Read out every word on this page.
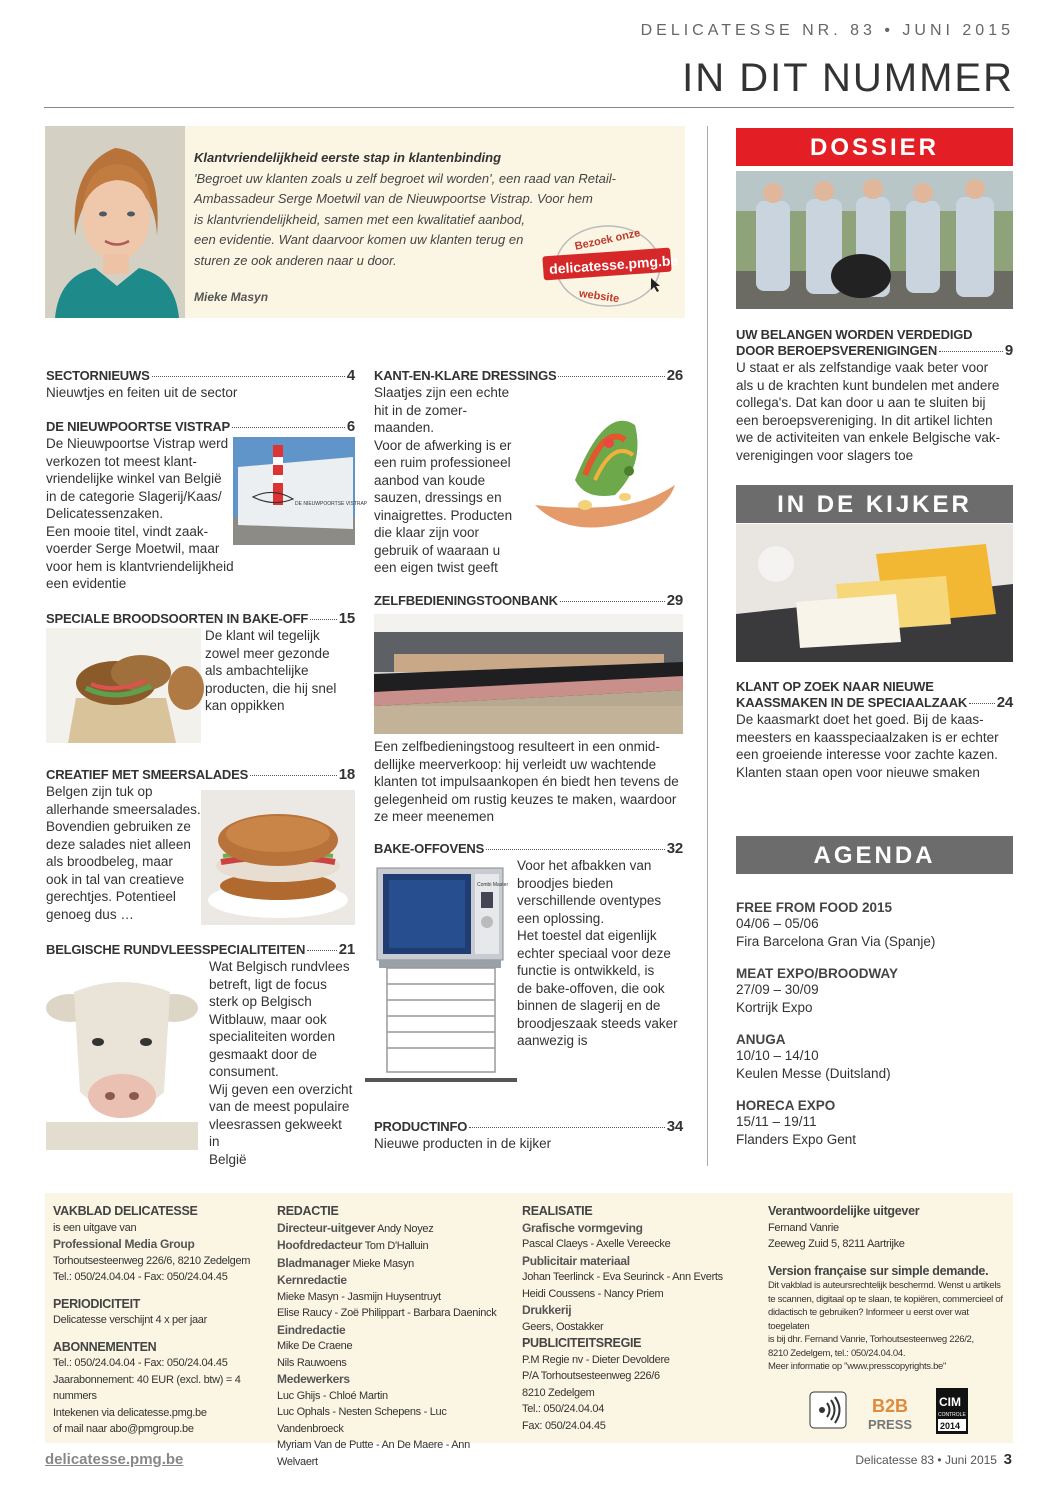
DELICATESSE NR. 83 • JUNI 2015
IN DIT NUMMER
Klantvriendelijkheid eerste stap in klantenbinding
'Begroet uw klanten zoals u zelf begroet wil worden', een raad van Retail-
Ambassadeur Serge Moetwil van de Nieuwpoortse Vistrap. Voor hem
is klantvriendelijkheid, samen met een kwalitatief aanbod,
een evidentie. Want daarvoor komen uw klanten terug en
sturen ze ook anderen naar u door.
Mieke Masyn
Bezoek onze
delicatesse.pmg.be
website
SECTORNIEUWS	4
Nieuwtjes en feiten uit de sector
DE NIEUWPOORTSE VISTRAP	6
De Nieuwpoortse Vistrap werd
verkozen tot meest klant-
vriendelijke winkel van België
in de categorie Slagerij/Kaas/
Delicatessenzaken.
Een mooie titel, vindt zaak-
voerder Serge Moetwil, maar
voor hem is klantvriendelijkheid
een evidentie
DE NIEUWPOORTSE VISTRAP
SPECIALE BROODSOORTEN IN BAKE-OFF 15
De klant wil tegelijk
zowel meer gezonde
als ambachtelijke
producten, die hij snel
kan oppikken
CREATIEF MET SMEERSALADES	18
Belgen zijn tuk op
allerhande smeersalades.
Bovendien gebruiken ze
deze salades niet alleen
als broodbeleg, maar
ook in tal van creatieve
gerechtjes. Potentieel
genoeg dus …
BELGISCHE RUNDVLEESSPECIALITEITEN 21
Wat Belgisch rundvlees
betreft, ligt de focus
sterk op Belgisch
Witblauw, maar ook
specialiteiten worden
gesmaakt door de
consument.
Wij geven een overzicht
van de meest populaire
vleesrassen gekweekt in
België
KANT-EN-KLARE DRESSINGS	26
Slaatjes zijn een echte
hit in de zomer-
maanden.
Voor de afwerking is er
een ruim professioneel
aanbod van koude
sauzen, dressings en
vinaigrettes. Producten
die klaar zijn voor
gebruik of waaraan u
een eigen twist geeft
ZELFBEDIENINGSTOONBANK	29
Een zelfbedieningstoog resulteert in een onmid-
dellijke meerverkoop: hij verleidt uw wachtende
klanten tot impulsaankopen én biedt hen tevens de
gelegenheid om rustig keuzes te maken, waardoor
ze meer meenemen
BAKE-OFFOVENS	32
Voor het afbakken van
broodjes bieden
verschillende oventypes
een oplossing.
Het toestel dat eigenlijk
echter speciaal voor deze
functie is ontwikkeld, is
de bake-offoven, die ook
binnen de slagerij en de
broodjeszaak steeds vaker
aanwezig is
Combi Master
PRODUCTINFO	34
Nieuwe producten in de kijker
DOSSIER
UW BELANGEN WORDEN VERDEDIGD
DOOR BEROEPSVERENIGINGEN	9
U staat er als zelfstandige vaak beter voor
als u de krachten kunt bundelen met andere
collega's. Dat kan door u aan te sluiten bij
een beroepsvereniging. In dit artikel lichten
we de activiteiten van enkele Belgische vak-
verenigingen voor slagers toe
IN DE KIJKER
KLANT OP ZOEK NAAR NIEUWE
KAASSMAKEN IN DE SPECIAALZAAK 24
De kaasmarkt doet het goed. Bij de kaas-
meesters en kaasspeciaalzaken is er echter
een groeiende interesse voor zachte kazen.
Klanten staan open voor nieuwe smaken
AGENDA
FREE FROM FOOD 2015
04/06 – 05/06
Fira Barcelona Gran Via (Spanje)
MEAT EXPO/BROODWAY
27/09 – 30/09
Kortrijk Expo
ANUGA
10/10 – 14/10
Keulen Messe (Duitsland)
HORECA EXPO
15/11 – 19/11
Flanders Expo Gent
VAKBLAD DELICATESSE
is een uitgave van
Professional Media Group
Torhoutsesteenweg 226/6, 8210 Zedelgem
Tel.: 050/24.04.04 - Fax: 050/24.04.45
PERIODICITEIT
Delicatesse verschijnt 4 x per jaar
ABONNEMENTEN
Tel.: 050/24.04.04 - Fax: 050/24.04.45
Jaarabonnement: 40 EUR (excl. btw) = 4 nummers
Intekenen via delicatesse.pmg.be
of mail naar abo@pmgroup.be
REDACTIE
Directeur-uitgever Andy Noyez
Hoofdredacteur Tom D'Halluin
Bladmanager Mieke Masyn
Kernredactie
Mieke Masyn - Jasmijn Huysentruyt
Elise Raucy - Zoë Philippart - Barbara Daeninck
Eindredactie
Mike De Craene
Nils Rauwoens
Medewerkers
Luc Ghijs - Chloé Martin
Luc Ophals - Nesten Schepens - Luc Vandenbroeck
Myriam Van de Putte - An De Maere - Ann Welvaert
REALISATIE
Grafische vormgeving
Pascal Claeys - Axelle Vereecke
Publicitair materiaal
Johan Teerlinck - Eva Seurinck - Ann Everts
Heidi Coussens - Nancy Priem
Drukkerij
Geers, Oostakker
PUBLICITEITSREGIE
P.M Regie nv - Dieter Devoldere
P/A Torhoutsesteenweg 226/6
8210 Zedelgem
Tel.: 050/24.04.04
Fax: 050/24.04.45
Verantwoordelijke uitgever
Fernand Vanrie
Zeeweg Zuid 5, 8211 Aartrijke
Version française sur simple demande.
Dit vakblad is auteursrechtelijk beschermd. Wenst u artikels
te scannen, digitaal op te slaan, te kopiëren, commercieel of
didactisch te gebruiken? Informeer u eerst over wat toegelaten
is bij dhr. Fernand Vanrie, Torhoutsesteenweg 226/2,
8210 Zedelgem, tel.: 050/24.04.04.
Meer informatie op "www.presscopyrights.be"
B2B
PRESS
CIM
CONTROLE
2014
delicatesse.pmg.be	Delicatesse 83 • Juni 2015 3
